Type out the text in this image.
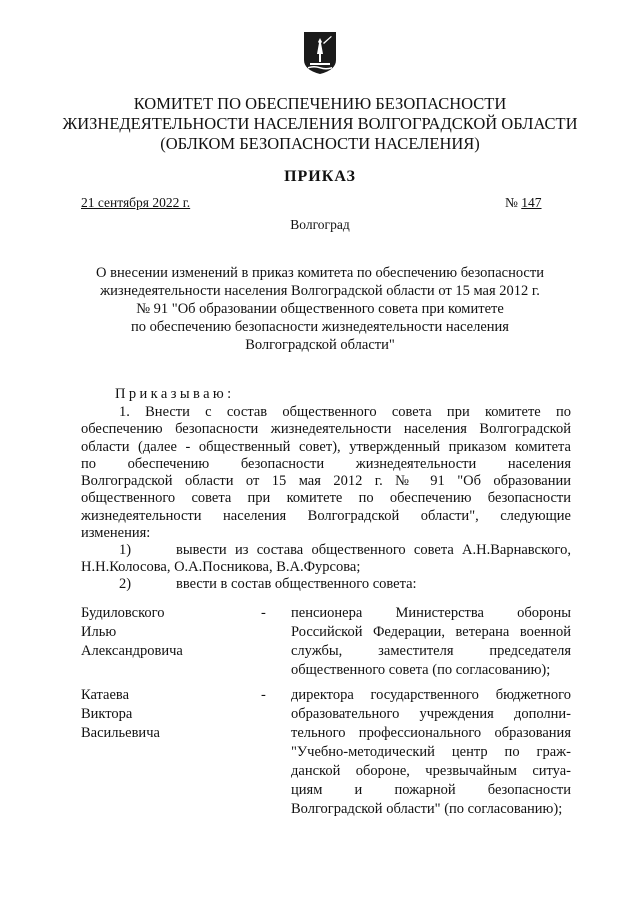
КОМИТЕТ ПО ОБЕСПЕЧЕНИЮ БЕЗОПАСНОСТИ
ЖИЗНЕДЕЯТЕЛЬНОСТИ НАСЕЛЕНИЯ ВОЛГОГРАДСКОЙ ОБЛАСТИ
(ОБЛКОМ БЕЗОПАСНОСТИ НАСЕЛЕНИЯ)
ПРИКАЗ
21 сентября 2022 г.	№ 147
Волгоград
О внесении изменений в приказ комитета по обеспечению безопасности
жизнедеятельности населения Волгоградской области от 15 мая 2012 г.
№ 91 "Об образовании общественного совета при комитете
по обеспечению безопасности жизнедеятельности населения
Волгоградской области"
Приказываю:
1. Внести с состав общественного совета при комитете по
обеспечению безопасности жизнедеятельности населения Волгоградской
области (далее - общественный совет), утвержденный приказом комитета
по обеспечению безопасности жизнедеятельности населения
Волгоградской области от 15 мая 2012 г. № 91 "Об образовании
общественного совета при комитете по обеспечению безопасности
жизнедеятельности населения Волгоградской области", следующие
изменения:
1)	вывести из состава общественного совета А.Н.Варнавского,
Н.Н.Колосова, О.А.Посникова, В.А.Фурсова;
2)	ввести в состав общественного совета:
Будиловского
Илью
Александровича
- пенсионера Министерства обороны
Российской Федерации, ветерана военной
службы, заместителя председателя
общественного совета (по согласованию);
Катаева
Виктора
Васильевича
- директора государственного бюджетного
образовательного учреждения дополни-
тельного профессионального образования
"Учебно-методический центр по граж-
данской обороне, чрезвычайным ситуа-
циям и пожарной безопасности
Волгоградской области" (по согласованию);
